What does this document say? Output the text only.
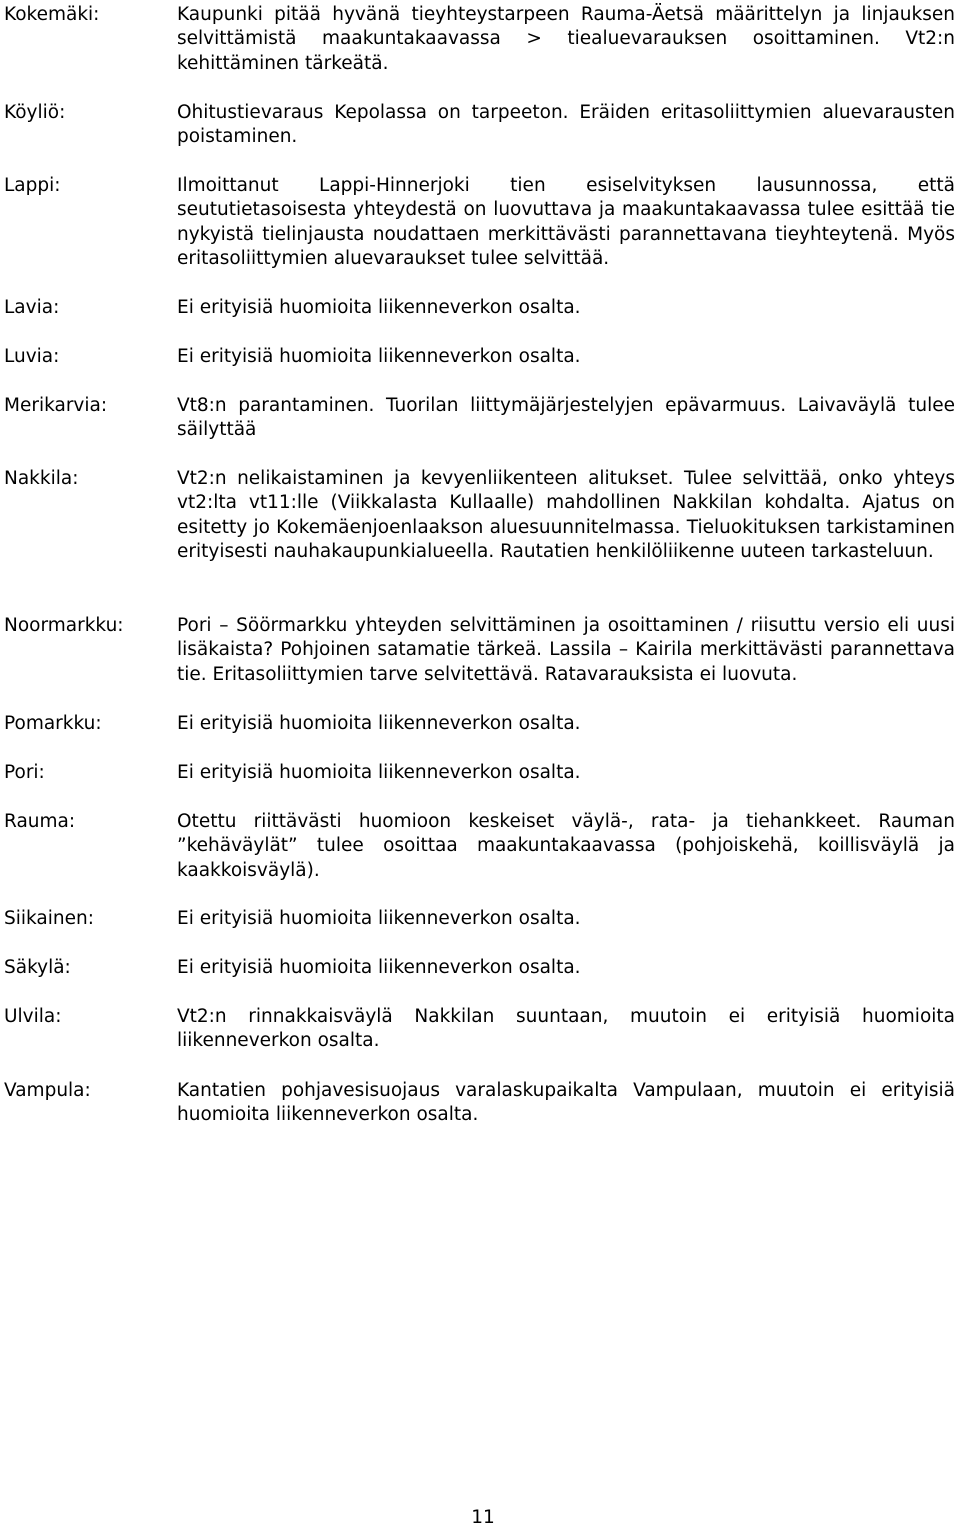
Kokemäki:	Kaupunki pitää hyvänä tieyhteystarpeen Rauma-Äetsä määrittelyn ja linjauksen selvittämistä maakuntakaavassa > tiealuevarauksen osoittaminen. Vt2:n kehittäminen tärkeätä.
Köyliö:	Ohitustievaraus Kepolassa on tarpeeton. Eräiden eritasoliittymien aluevarausten poistaminen.
Lappi:	Ilmoittanut Lappi-Hinnerjoki tien esiselvityksen lausunnossa, että seututietasoisesta yhteydestä on luovuttava ja maakuntakaavassa tulee esittää tie nykyistä tielinjausta noudattaen merkittävästi parannettavana tieyhteytenä. Myös eritasoliittymien aluevaraukset tulee selvittää.
Lavia:	Ei erityisiä huomioita liikenneverkon osalta.
Luvia:	Ei erityisiä huomioita liikenneverkon osalta.
Merikarvia:	Vt8:n parantaminen. Tuorilan liittymäjärjestelyjen epävarmuus. Laivaväylä tulee säilyttää
Nakkila:	Vt2:n nelikaistaminen ja kevyenliikenteen alitukset. Tulee selvittää, onko yhteys vt2:lta vt11:lle (Viikkalasta Kullaalle) mahdollinen Nakkilan kohdalta. Ajatus on esitetty jo Kokemäenjoenlaakson aluesuunnitelmassa. Tieluokituksen tarkistaminen erityisesti nauhakaupunkialueella. Rautatien henkilöliikenne uuteen tarkasteluun.
Noormarkku:	Pori – Söörmarkku yhteyden selvittäminen ja osoittaminen / riisuttu versio eli uusi lisäkaista? Pohjoinen satamatie tärkeä. Lassila – Kairila merkittävästi parannettava tie. Eritasoliittymien tarve selvitettävä. Ratavarauksista ei luovuta.
Pomarkku:	Ei erityisiä huomioita liikenneverkon osalta.
Pori:	Ei erityisiä huomioita liikenneverkon osalta.
Rauma:	Otettu riittävästi huomioon keskeiset väylä-, rata- ja tiehankkeet. Rauman ”kehäväylät” tulee osoittaa maakuntakaavassa (pohjoiskehä, koillisväylä ja kaakkoisväylä).
Siikainen:	Ei erityisiä huomioita liikenneverkon osalta.
Säkylä:	Ei erityisiä huomioita liikenneverkon osalta.
Ulvila:	Vt2:n rinnakkaisväylä Nakkilan suuntaan, muutoin ei erityisiä huomioita liikenneverkon osalta.
Vampula:	Kantatien pohjavesisuojaus varalaskupaikalta Vampulaan, muutoin ei erityisiä huomioita liikenneverkon osalta.
11
